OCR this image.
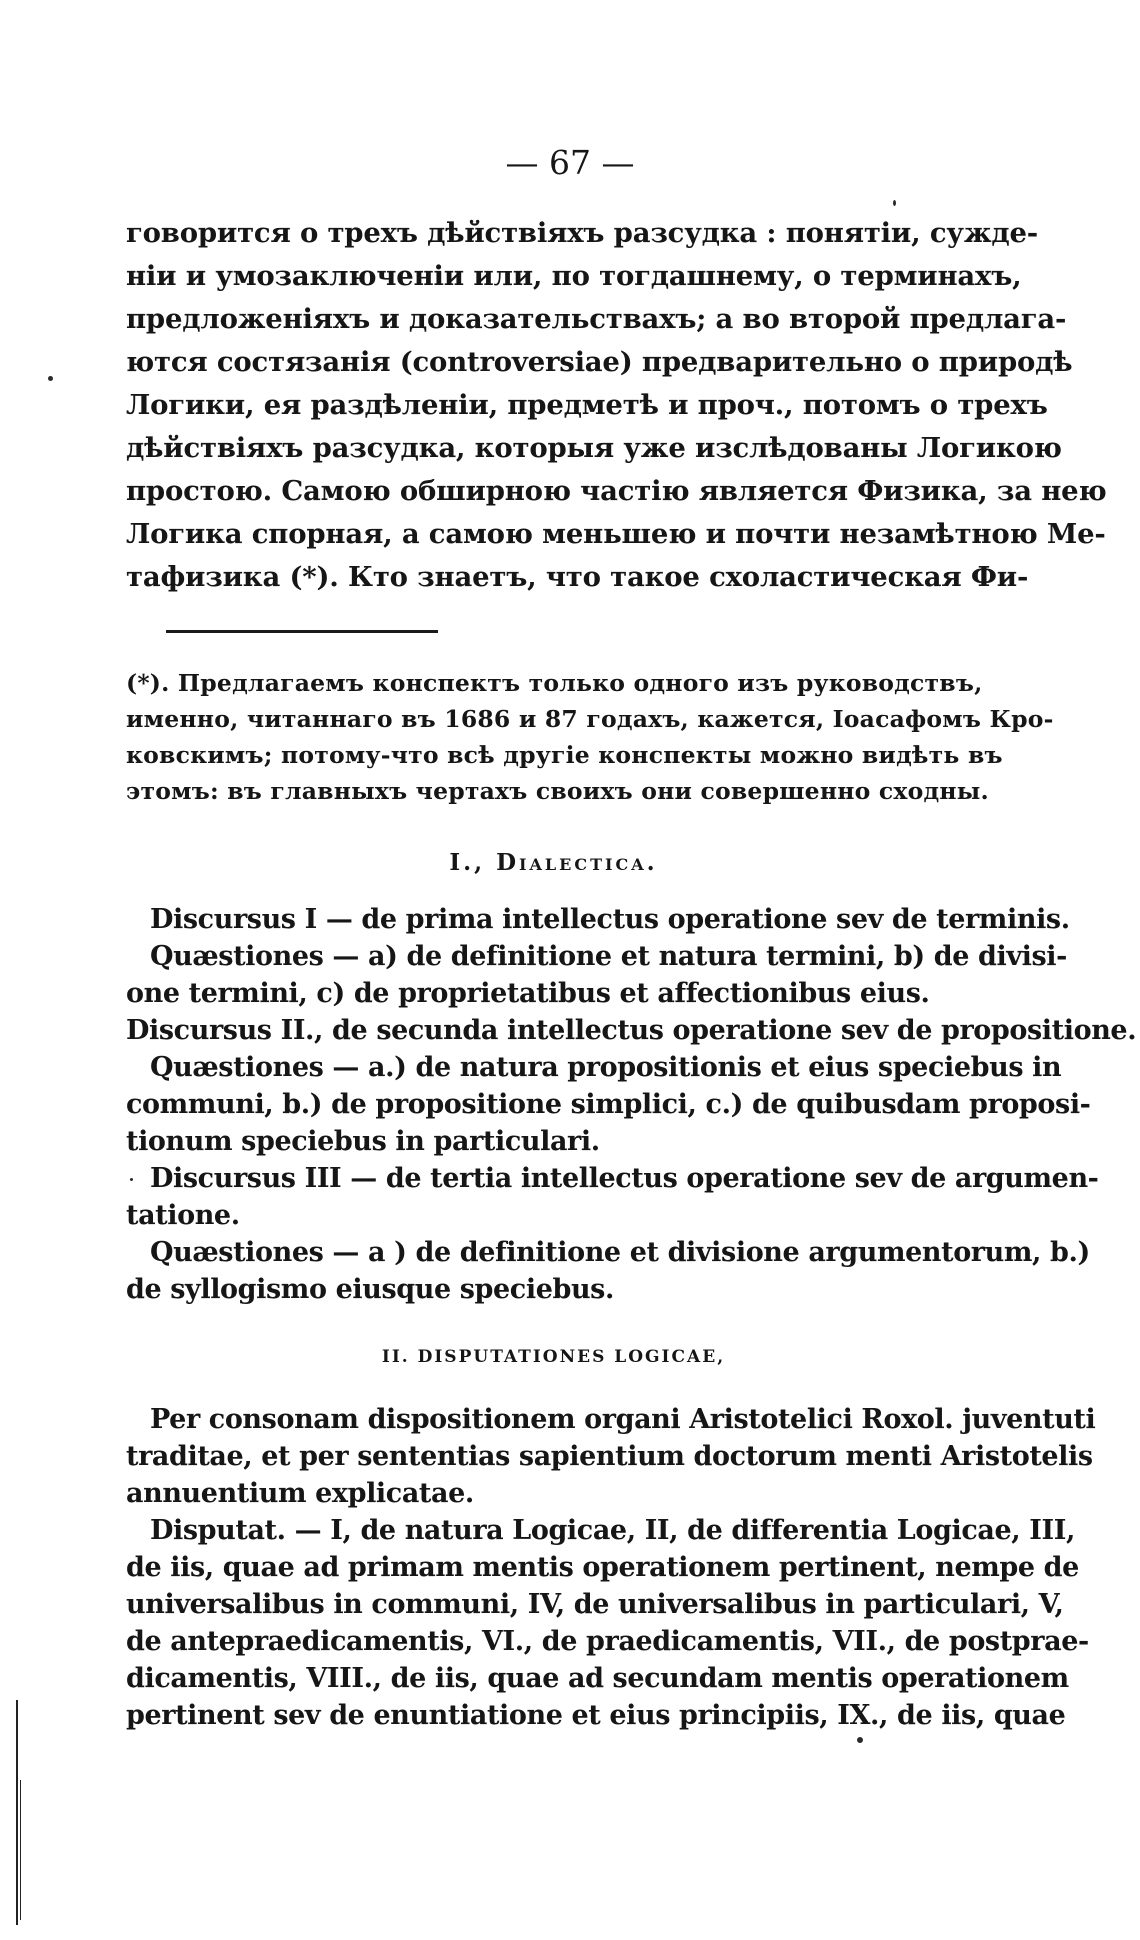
— 67 —
говорится о трехъ дѣйствіяхъ разсудка : понятіи, сужде-
ніи и умозаключеніи или, по тогдашнему, о терминахъ,
предложеніяхъ и доказательствахъ; а во второй предлага-
ются состязанія (controversiae) предварительно о природѣ
Логики, ея раздѣленіи, предметѣ и проч., потомъ о трехъ
дѣйствіяхъ разсудка, которыя уже изслѣдованы Логикою
простою. Самою обширною частію является Физика, за нею
Логика спорная, а самою меньшею и почти незамѣтною Ме-
тафизика (*). Кто знаетъ, что такое схоластическая Фи-
(*). Предлагаемъ конспектъ только одного изъ руководствъ,
именно, читаннаго въ 1686 и 87 годахъ, кажется, Іоасафомъ Кро-
ковскимъ; потому-что всѣ другіе конспекты можно видѣть въ
этомъ: въ главныхъ чертахъ своихъ они совершенно сходны.
I., Dialectica.
Discursus I — de prima intellectus operatione sev de terminis.
Quæstiones — a) de definitione et natura termini, b) de divisi-
one termini, c) de proprietatibus et affectionibus eius.
Discursus II., de secunda intellectus operatione sev de propositione.
Quæstiones — a.) de natura propositionis et eius speciebus in
communi, b.) de propositione simplici, c.) de quibusdam proposi-
tionum speciebus in particulari.
Discursus III — de tertia intellectus operatione sev de argumen-
tatione.
Quæstiones — a ) de definitione et divisione argumentorum, b.)
de syllogismo eiusque speciebus.
II. DISPUTATIONES LOGICAE,
Per consonam dispositionem organi Aristotelici Roxol. juventuti
traditae, et per sententias sapientium doctorum menti Aristotelis
annuentium explicatae.
Disputat. — I, de natura Logicae, II, de differentia Logicae, III,
de iis, quae ad primam mentis operationem pertinent, nempe de
universalibus in communi, IV, de universalibus in particulari, V,
de antepraedicamentis, VI., de praedicamentis, VII., de postprae-
dicamentis, VIII., de iis, quae ad secundam mentis operationem
pertinent sev de enuntiatione et eius principiis, IX., de iis, quae
